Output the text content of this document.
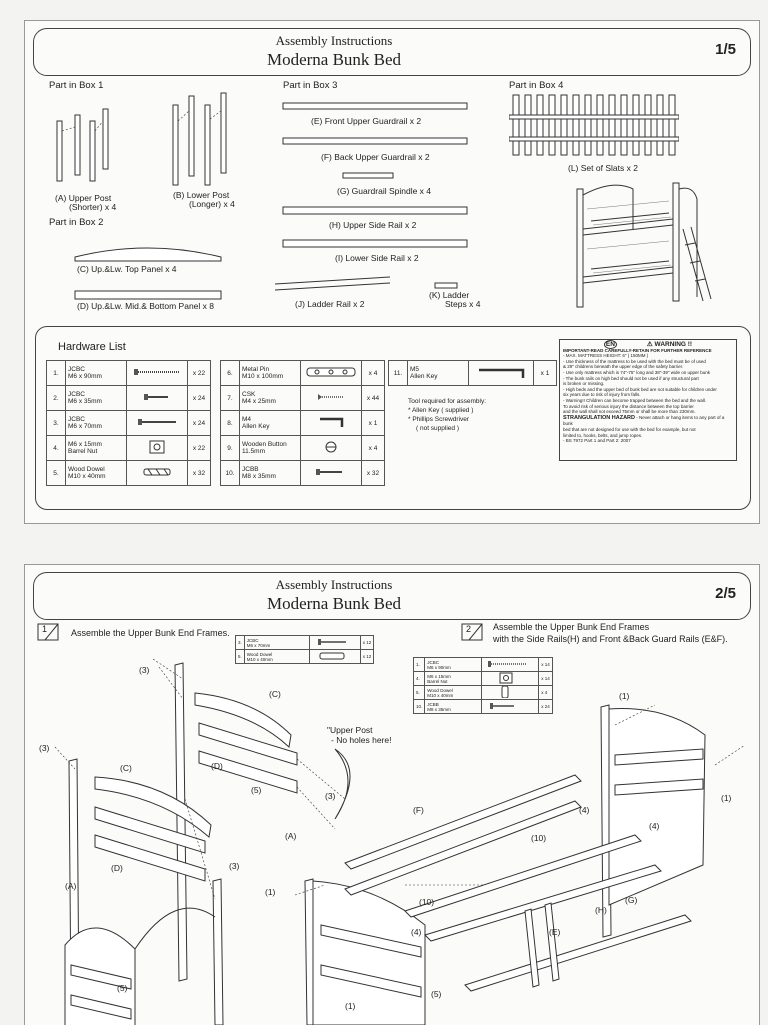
Assembly Instructions
Moderna Bunk Bed
1/5
Part in Box 1
(A) Upper Post
(Shorter) x 4
(B) Lower Post
(Longer) x 4
Part in Box 2
(C) Up.&Lw. Top Panel x 4
(D) Up.&Lw. Mid.& Bottom Panel x 8
Part in Box 3
(E) Front Upper Guardrail x 2
(F) Back Upper Guardrail x 2
(G) Guardrail Spindle x 4
(H) Upper Side Rail x 2
(I) Lower Side Rail x 2
(J) Ladder Rail x 2
(K) Ladder
Steps x 4
Part in Box 4
(L) Set of Slats x 2
Hardware List
1.	JCBC
M6 x 90mm		x 22
2.	JCBC
M6 x 35mm		x 24
3.	JCBC
M6 x 70mm		x 24
4.	M6 x 15mm
Barrel Nut		x 22
5.	Wood Dowel
M10 x 40mm		x 32
6.	Metal Pin
M10 x 100mm		x 4
7.	CSK
M4 x 25mm		x 44
8.	M4
Allen Key		x 1
9.	Wooden Button
11.5mm		x 4
10.	JCBB
M8 x 35mm		x 32
11.	M5
Allen Key		x 1
Tool required for assembly:
* Allen Key ( supplied )
* Phillips Screwdriver
( not supplied )
EN	⚠ WARNING !!
IMPORTANT-READ CAREFULLY-RETAIN FOR FURTHER REFERENCE
- MAX. MATTRESS HEIGHT: 6" ( 150MM )
- Use thickness of the mattress to be used with the bed must be of used
& 29" childrens beneath the upper edge of the safety barrier.
- Use only mattress which is 74"-75" long and 38"-39" wide on upper bunk
- The bunk rails on high bed should not be used if any structural part
is broken or missing.
- High beds and the upper bed of bunk bed are not suitable for children under
six years due to risk of injury from falls.
- Warning!! Children can become trapped between the bed and the wall.
To avoid risk of serious injury the distance between the top barrier
and the wall shall not exceed 75mm or shall be more than 230mm.
STRANGULATION HAZARD - Never attach or hang items to any part of a bunk
bed that are not designed for use with the bed for example, but not
limited to, hooks, belts, and jump ropes.
- BS 7972 Part 1 and Part 2: 2007
Assembly Instructions
Moderna Bunk Bed
2/5
1	Assemble the Upper Bunk End Frames.	2	Assemble the Upper Bunk End Frames
with the Side Rails(H) and Front &Back Guard Rails (E&F).
3.	JCBC
M6 x 70mm		x 12
5.	Wood Dowel
M10 x 40mm		x 12
1.	JCBC
M6 x 90mm		x 14
4.	M6 x 15mm
Barrel Nut		x 14
5.	Wood Dowel
M10 x 40mm		x 4
10.	JCBB
M8 x 35mm		x 24
(3)
(C)
(3)
(C)	(D)
(5)
(3)
"Upper Post
- No holes here!
(A)
(D)	(3)
(A)
(5)
(1)
(1)
(F)	(4)
(4)
(10)
(1)
(10)	(G)
(H)
(4)	(E)
(5)
(1)
